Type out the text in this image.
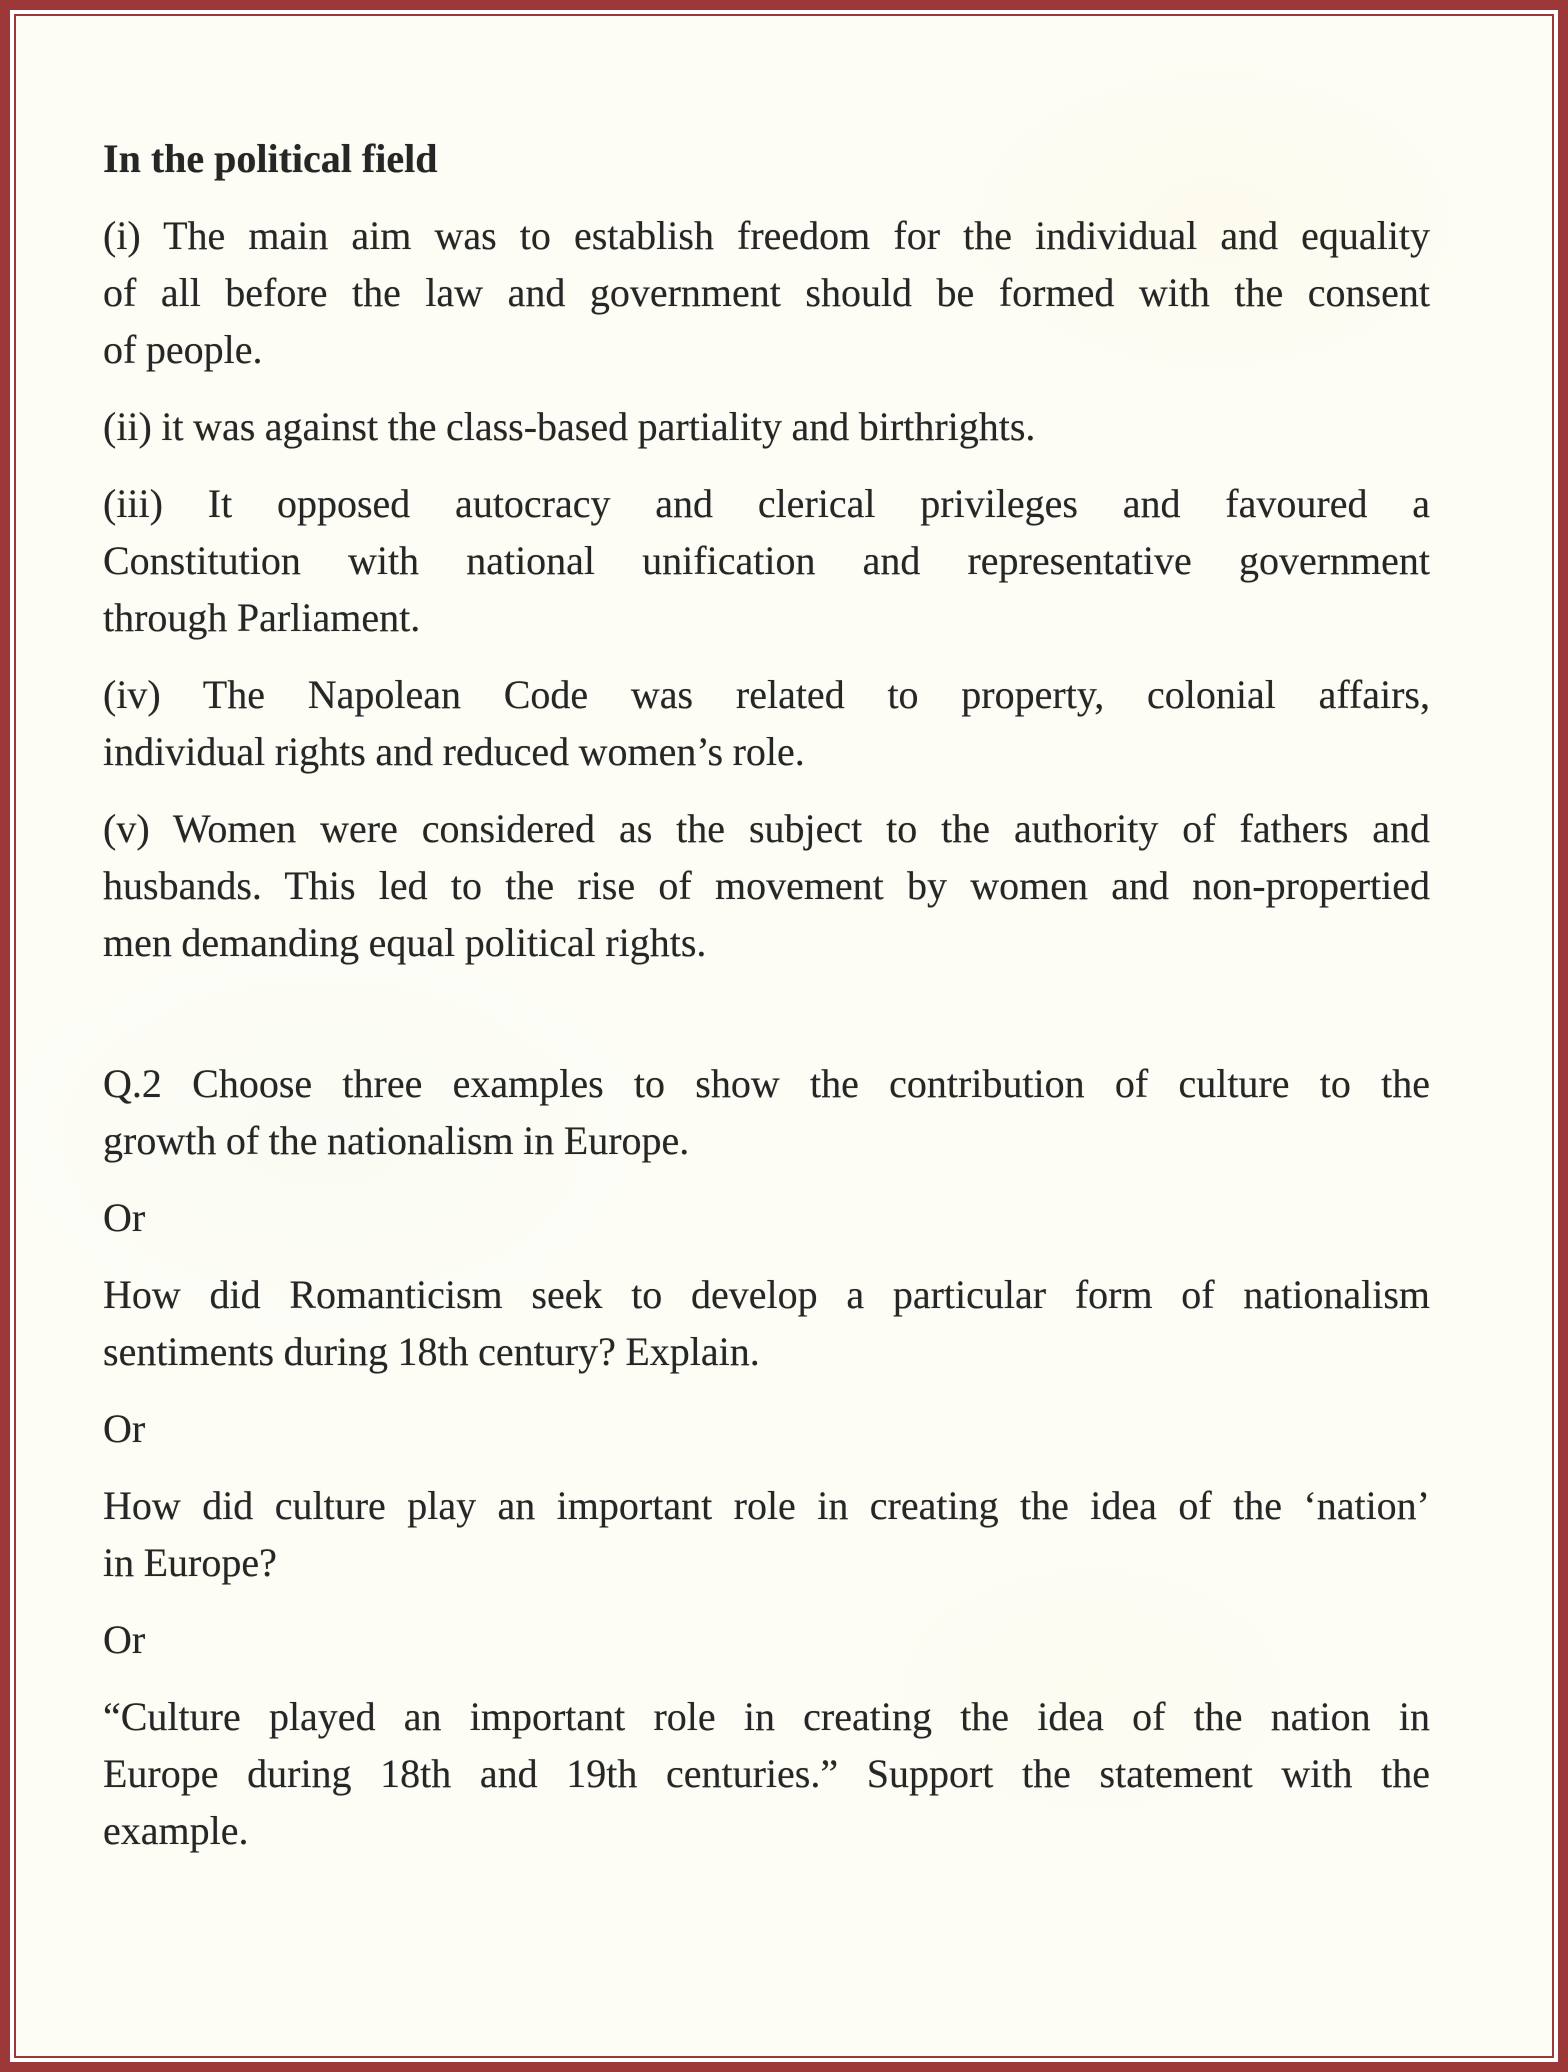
In the political field
(i) The main aim was to establish freedom for the individual and equality
of all before the law and government should be formed with the consent
of people.
(ii) it was against the class-based partiality and birthrights.
(iii) It opposed autocracy and clerical privileges and favoured a
Constitution with national unification and representative government
through Parliament.
(iv) The Napolean Code was related to property, colonial affairs,
individual rights and reduced women’s role.
(v) Women were considered as the subject to the authority of fathers and
husbands. This led to the rise of movement by women and non-propertied
men demanding equal political rights.
Q.2 Choose three examples to show the contribution of culture to the
growth of the nationalism in Europe.
Or
How did Romanticism seek to develop a particular form of nationalism
sentiments during 18th century? Explain.
Or
How did culture play an important role in creating the idea of the ‘nation’
in Europe?
Or
“Culture played an important role in creating the idea of the nation in
Europe during 18th and 19th centuries.” Support the statement with the
example.
